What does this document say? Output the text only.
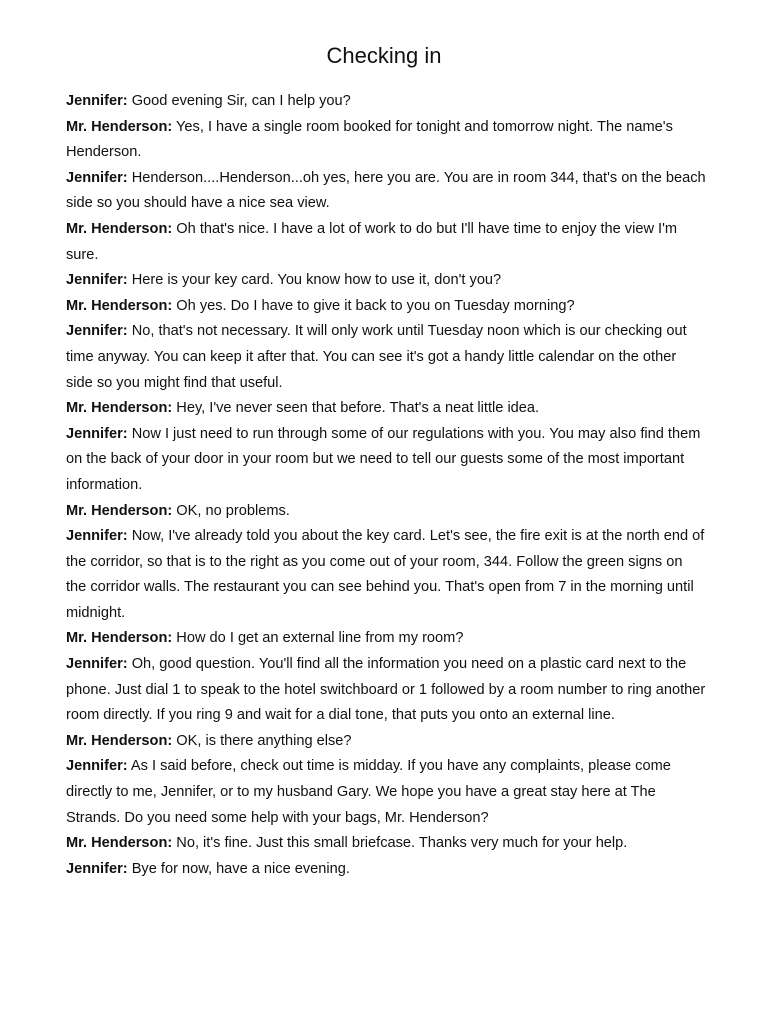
Checking in

Jennifer: Good evening Sir, can I help you?

Mr. Henderson: Yes, I have a single room booked for tonight and tomorrow night. The name's Henderson.

Jennifer: Henderson....Henderson...oh yes, here you are. You are in room 344, that's on the beach side so you should have a nice sea view.

Mr. Henderson: Oh that's nice. I have a lot of work to do but I'll have time to enjoy the view I'm sure.

Jennifer: Here is your key card. You know how to use it, don't you?

Mr. Henderson: Oh yes. Do I have to give it back to you on Tuesday morning?

Jennifer: No, that's not necessary. It will only work until Tuesday noon which is our checking out time anyway. You can keep it after that. You can see it's got a handy little calendar on the other side so you might find that useful.

Mr. Henderson: Hey, I've never seen that before. That's a neat little idea.

Jennifer: Now I just need to run through some of our regulations with you. You may also find them on the back of your door in your room but we need to tell our guests some of the most important information.

Mr. Henderson: OK, no problems.

Jennifer: Now, I've already told you about the key card. Let's see, the fire exit is at the north end of the corridor, so that is to the right as you come out of your room, 344. Follow the green signs on the corridor walls. The restaurant you can see behind you. That's open from 7 in the morning until midnight.

Mr. Henderson: How do I get an external line from my room?

Jennifer: Oh, good question. You'll find all the information you need on a plastic card next to the phone. Just dial 1 to speak to the hotel switchboard or 1 followed by a room number to ring another room directly. If you ring 9 and wait for a dial tone, that puts you onto an external line.

Mr. Henderson: OK, is there anything else?

Jennifer: As I said before, check out time is midday. If you have any complaints, please come directly to me, Jennifer, or to my husband Gary. We hope you have a great stay here at The Strands. Do you need some help with your bags, Mr. Henderson?

Mr. Henderson: No, it's fine. Just this small briefcase. Thanks very much for your help.

Jennifer: Bye for now, have a nice evening.
